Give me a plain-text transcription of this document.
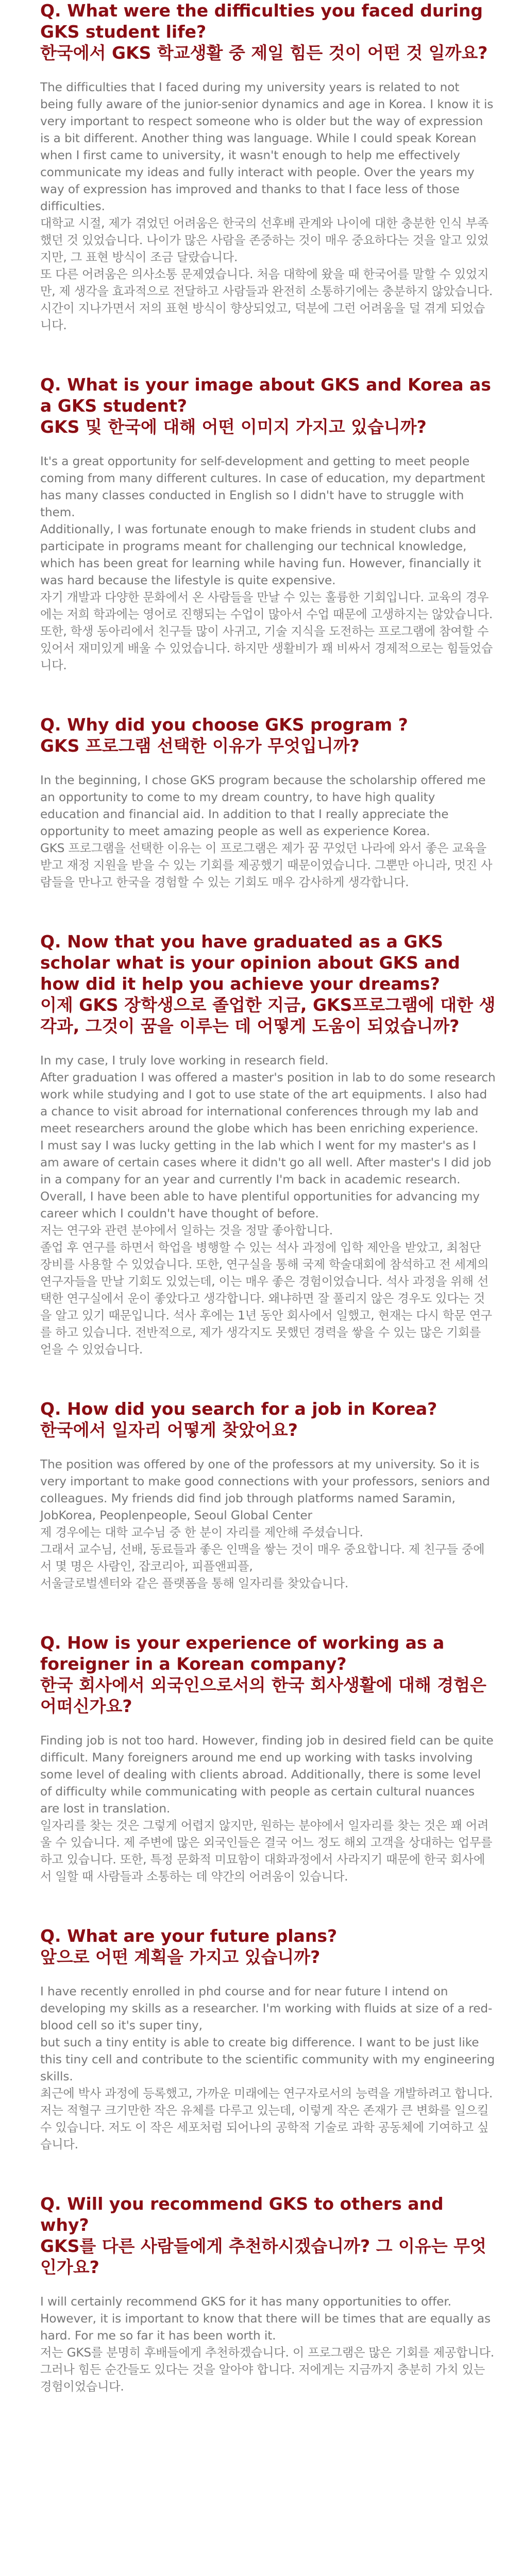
Q. What were the difficulties you faced during GKS student life?
한국에서 GKS 학교생활 중 제일 힘든 것이 어떤 것 일까요?

The difficulties that I faced during my university years is related to not being fully aware of the junior-senior dynamics and age in Korea. I know it is very important to respect someone who is older but the way of expression is a bit different. Another thing was language. While I could speak Korean when I first came to university, it wasn't enough to help me effectively communicate my ideas and fully interact with people. Over the years my way of expression has improved and thanks to that I face less of those difficulties.

대학교 시절, 제가 겪었던 어려움은 한국의 선후배 관계와 나이에 대한 충분한 인식 부족했던 것 있었습니다. 나이가 많은 사람을 존중하는 것이 매우 중요하다는 것을 알고 있었지만, 그 표현 방식이 조금 달랐습니다.

또 다른 어려움은 의사소통 문제였습니다. 처음 대학에 왔을 때 한국어를 말할 수 있었지만, 제 생각을 효과적으로 전달하고 사람들과 완전히 소통하기에는 충분하지 않았습니다. 시간이 지나가면서 저의 표현 방식이 향상되었고, 덕분에 그런 어려움을 덜 겪게 되었습니다.

Q. What is your image about GKS and Korea as a GKS student?
GKS 및 한국에 대해 어떤 이미지 가지고 있습니까?

It's a great opportunity for self-development and getting to meet people coming from many different cultures. In case of education, my department has many classes conducted in English so I didn't have to struggle with them.

Additionally, I was fortunate enough to make friends in student clubs and participate in programs meant for challenging our technical knowledge, which has been great for learning while having fun. However, financially it was hard because the lifestyle is quite expensive.

자기 개발과 다양한 문화에서 온 사람들을 만날 수 있는 훌륭한 기회입니다. 교육의 경우에는 저희 학과에는 영어로 진행되는 수업이 많아서 수업 때문에 고생하지는 않았습니다. 또한, 학생 동아리에서 친구들 많이 사귀고, 기술 지식을 도전하는 프로그램에 참여할 수 있어서 재미있게 배울 수 있었습니다. 하지만 생활비가 꽤 비싸서 경제적으로는 힘들었습니다.

Q. Why did you choose GKS program ?
GKS 프로그램 선택한 이유가 무엇입니까?

In the beginning, I chose GKS program because the scholarship offered me an opportunity to come to my dream country, to have high quality education and financial aid. In addition to that I really appreciate the opportunity to meet amazing people as well as experience Korea.

GKS 프로그램을 선택한 이유는 이 프로그램은 제가 꿈 꾸었던 나라에 와서 좋은 교육을 받고 재정 지원을 받을 수 있는 기회를 제공했기 때문이였습니다. 그뿐만 아니라, 멋진 사람들을 만나고 한국을 경험할 수 있는 기회도 매우 감사하게 생각합니다.

Q. Now that you have graduated as a GKS scholar what is your opinion about GKS and how did it help you achieve your dreams?
이제 GKS 장학생으로 졸업한 지금, GKS프로그램에 대한 생각과, 그것이 꿈을 이루는 데 어떻게 도움이 되었습니까?

In my case, I truly love working in research field.

After graduation I was offered a master's position in lab to do some research work while studying and I got to use state of the art equipments. I also had a chance to visit abroad for international conferences through my lab and meet researchers around the globe which has been enriching experience.

I must say I was lucky getting in the lab which I went for my master's as I am aware of certain cases where it didn't go all well. After master's I did job in a company for an year and currently I'm back in academic research. Overall, I have been able to have plentiful opportunities for advancing my career which I couldn't have thought of before.

저는 연구와 관련 분야에서 일하는 것을 정말 좋아합니다.

졸업 후 연구를 하면서 학업을 병행할 수 있는 석사 과정에 입학 제안을 받았고, 최첨단 장비를 사용할 수 있었습니다. 또한, 연구실을 통해 국제 학술대회에 참석하고 전 세계의 연구자들을 만날 기회도 있었는데, 이는 매우 좋은 경험이었습니다. 석사 과정을 위해 선택한 연구실에서 운이 좋았다고 생각합니다. 왜냐하면 잘 풀리지 않은 경우도 있다는 것을 알고 있기 때문입니다. 석사 후에는 1년 동안 회사에서 일했고, 현재는 다시 학문 연구를 하고 있습니다. 전반적으로, 제가 생각지도 못했던 경력을 쌓을 수 있는 많은 기회를 얻을 수 있었습니다.

Q. How did you search for a job in Korea?
한국에서 일자리 어떻게 찾았어요?

The position was offered by one of the professors at my university. So it is very important to make good connections with your professors, seniors and colleagues. My friends did find job through platforms named Saramin, JobKorea, Peoplenpeople, Seoul Global Center

제 경우에는 대학 교수님 중 한 분이 자리를 제안해 주셨습니다.

그래서 교수님, 선배, 동료들과 좋은 인맥을 쌓는 것이 매우 중요합니다. 제 친구들 중에서 몇 명은 사람인, 잡코리아, 피플앤피플,

서울글로벌센터와 같은 플랫폼을 통해 일자리를 찾았습니다.

Q. How is your experience of working as a foreigner in a Korean company?
한국 회사에서 외국인으로서의 한국 회사생활에 대해 경험은 어떠신가요?

Finding job is not too hard. However, finding job in desired field can be quite difficult. Many foreigners around me end up working with tasks involving some level of dealing with clients abroad. Additionally, there is some level of difficulty while communicating with people as certain cultural nuances are lost in translation.

일자리를 찾는 것은 그렇게 어렵지 않지만, 원하는 분야에서 일자리를 찾는 것은 꽤 어려울 수 있습니다. 제 주변에 많은 외국인들은 결국 어느 정도 해외 고객을 상대하는 업무를 하고 있습니다. 또한, 특정 문화적 미묘함이 대화과정에서 사라지기 때문에 한국 회사에서 일할 때 사람들과 소통하는 데 약간의 어려움이 있습니다.

Q. What are your future plans?
앞으로 어떤 계획을 가지고 있습니까?

I have recently enrolled in phd course and for near future I intend on developing my skills as a researcher. I'm working with fluids at size of a red-blood cell so it's super tiny,

but such a tiny entity is able to create big difference. I want to be just like this tiny cell and contribute to the scientific community with my engineering skills.

최근에 박사 과정에 등록했고, 가까운 미래에는 연구자로서의 능력을 개발하려고 합니다. 저는 적혈구 크기만한 작은 유체를 다루고 있는데, 이렇게 작은 존재가 큰 변화를 일으킬 수 있습니다. 저도 이 작은 세포처럼 되어나의 공학적 기술로 과학 공동체에 기여하고 싶습니다.

Q. Will you recommend GKS to others and why?
GKS를 다른 사람들에게 추천하시겠습니까? 그 이유는 무엇인가요?

I will certainly recommend GKS for it has many opportunities to offer. However, it is important to know that there will be times that are equally as hard. For me so far it has been worth it.

저는 GKS를 분명히 후배들에게 추천하겠습니다. 이 프로그램은 많은 기회를 제공합니다. 그러나 힘든 순간들도 있다는 것을 알아야 합니다. 저에게는 지금까지 충분히 가치 있는 경험이었습니다.
